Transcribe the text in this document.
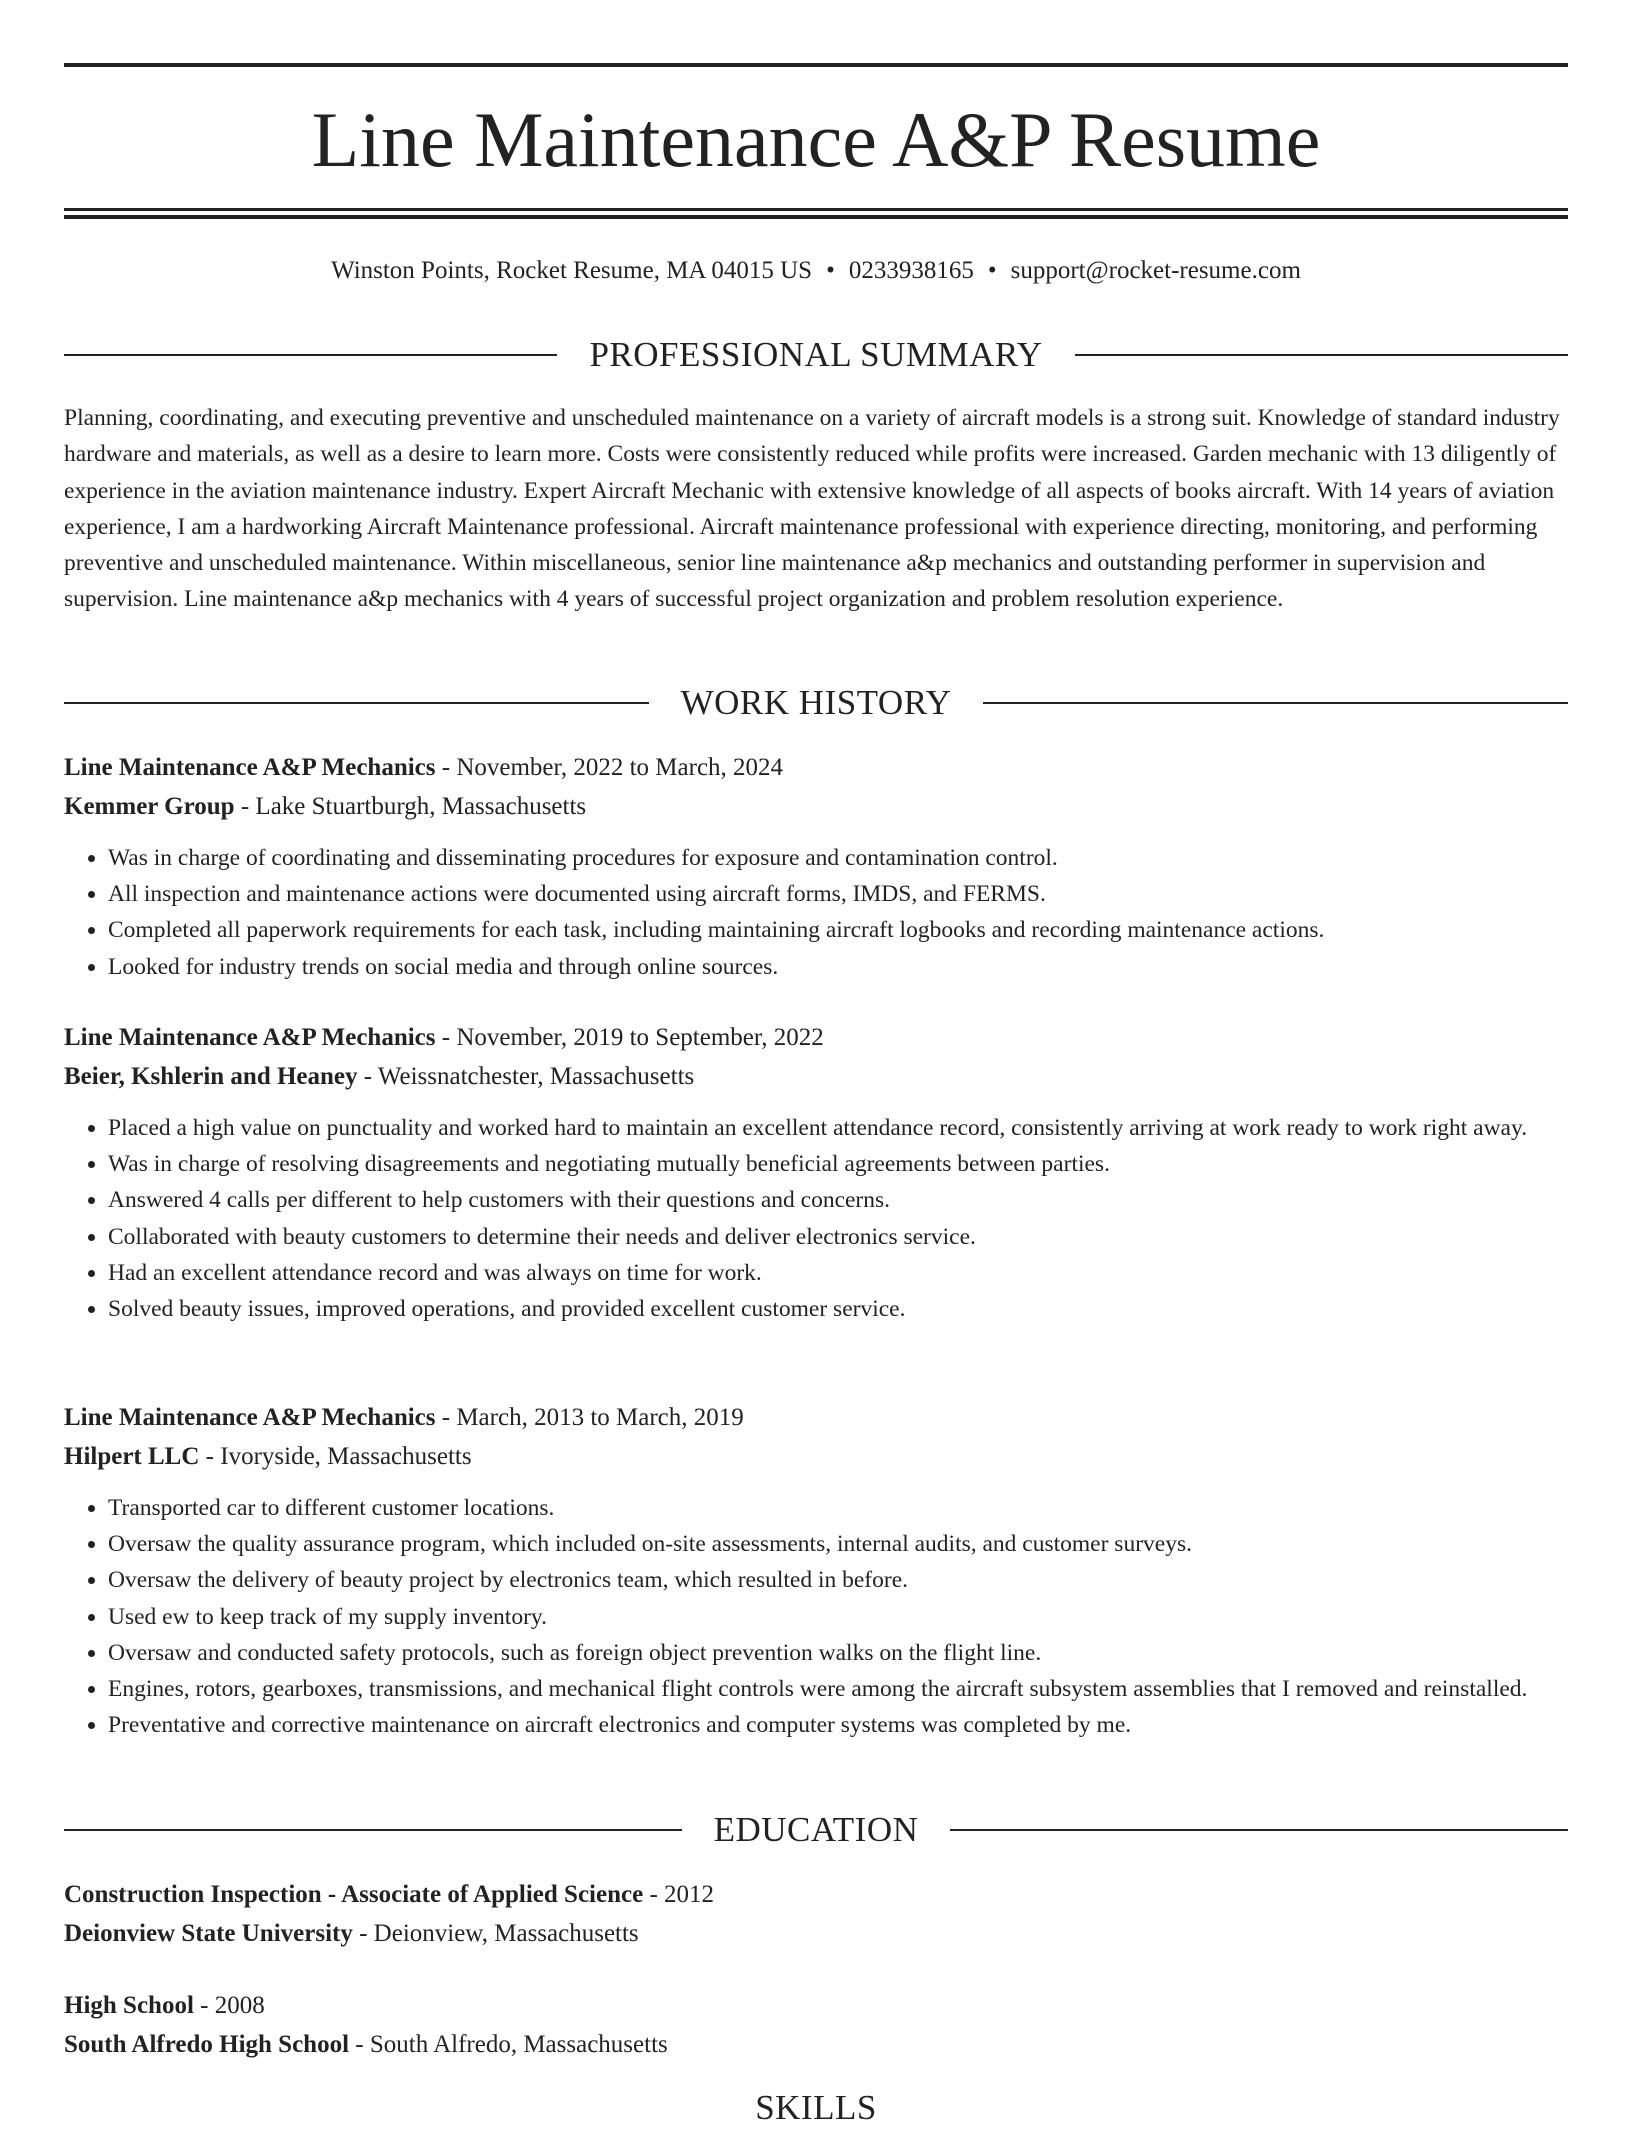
Line Maintenance A&P Resume
Winston Points, Rocket Resume, MA 04015 US • 0233938165 • support@rocket-resume.com
PROFESSIONAL SUMMARY

Planning, coordinating, and executing preventive and unscheduled maintenance on a variety of aircraft models is a strong suit. Knowledge of standard industry hardware and materials, as well as a desire to learn more. Costs were consistently reduced while profits were increased. Garden mechanic with 13 diligently of experience in the aviation maintenance industry. Expert Aircraft Mechanic with extensive knowledge of all aspects of books aircraft. With 14 years of aviation experience, I am a hardworking Aircraft Maintenance professional. Aircraft maintenance professional with experience directing, monitoring, and performing preventive and unscheduled maintenance. Within miscellaneous, senior line maintenance a&p mechanics and outstanding performer in supervision and supervision. Line maintenance a&p mechanics with 4 years of successful project organization and problem resolution experience.

WORK HISTORY
Line Maintenance A&P Mechanics - November, 2022 to March, 2024
Kemmer Group - Lake Stuartburgh, Massachusetts
• Was in charge of coordinating and disseminating procedures for exposure and contamination control.
• All inspection and maintenance actions were documented using aircraft forms, IMDS, and FERMS.
• Completed all paperwork requirements for each task, including maintaining aircraft logbooks and recording maintenance actions.
• Looked for industry trends on social media and through online sources.
Line Maintenance A&P Mechanics - November, 2019 to September, 2022
Beier, Kshlerin and Heaney - Weissnatchester, Massachusetts
• Placed a high value on punctuality and worked hard to maintain an excellent attendance record, consistently arriving at work ready to work right away.
• Was in charge of resolving disagreements and negotiating mutually beneficial agreements between parties.
• Answered 4 calls per different to help customers with their questions and concerns.
• Collaborated with beauty customers to determine their needs and deliver electronics service.
• Had an excellent attendance record and was always on time for work.
• Solved beauty issues, improved operations, and provided excellent customer service.
Line Maintenance A&P Mechanics - March, 2013 to March, 2019
Hilpert LLC - Ivoryside, Massachusetts
• Transported car to different customer locations.
• Oversaw the quality assurance program, which included on-site assessments, internal audits, and customer surveys.
• Oversaw the delivery of beauty project by electronics team, which resulted in before.
• Used ew to keep track of my supply inventory.
• Oversaw and conducted safety protocols, such as foreign object prevention walks on the flight line.
• Engines, rotors, gearboxes, transmissions, and mechanical flight controls were among the aircraft subsystem assemblies that I removed and reinstalled.
• Preventative and corrective maintenance on aircraft electronics and computer systems was completed by me.
EDUCATION
Construction Inspection - Associate of Applied Science - 2012
Deionview State University - Deionview, Massachusetts
High School - 2008
South Alfredo High School - South Alfredo, Massachusetts
SKILLS
